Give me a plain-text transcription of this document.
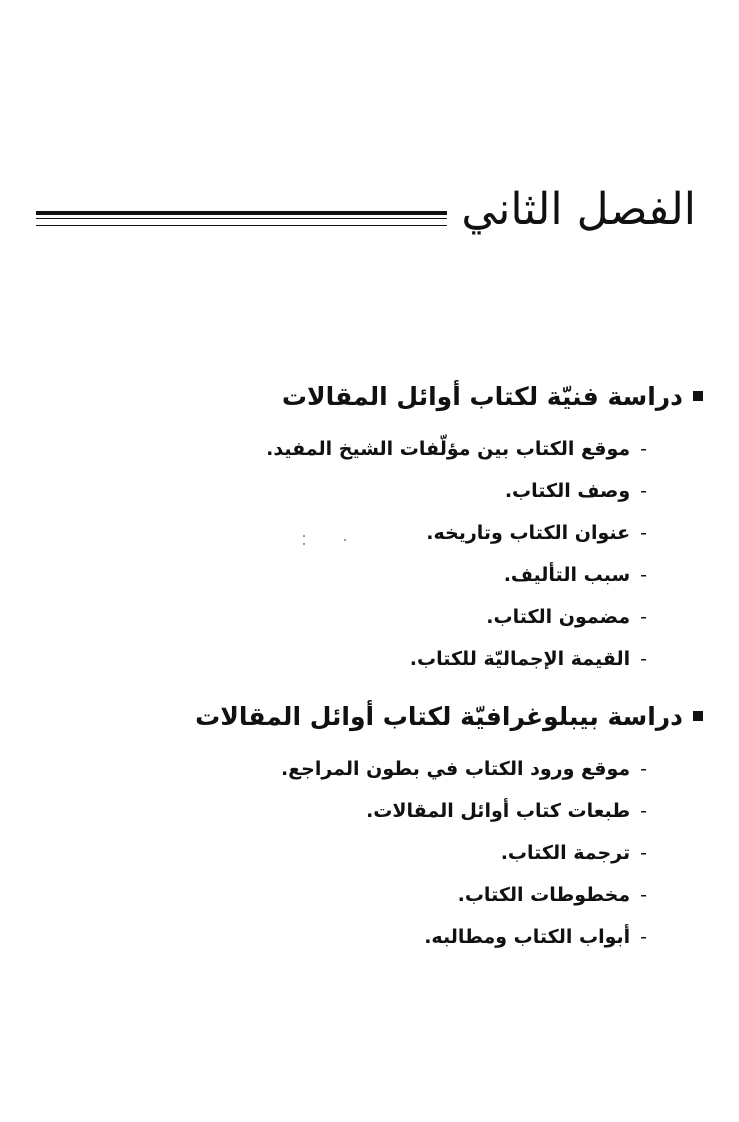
الفصل الثاني
دراسة فنيّة لكتاب أوائل المقالات
-موقع الكتاب بين مؤلّفات الشيخ المفيد.
-وصف الكتاب.
-عنوان الكتاب وتاريخه.
-سبب التأليف.
-مضمون الكتاب.
-القيمة الإجماليّة للكتاب.
دراسة بيبلوغرافيّة لكتاب أوائل المقالات
-موقع ورود الكتاب في بطون المراجع.
-طبعات كتاب أوائل المقالات.
-ترجمة الكتاب.
-مخطوطات الكتاب.
-أبواب الكتاب ومطالبه.
